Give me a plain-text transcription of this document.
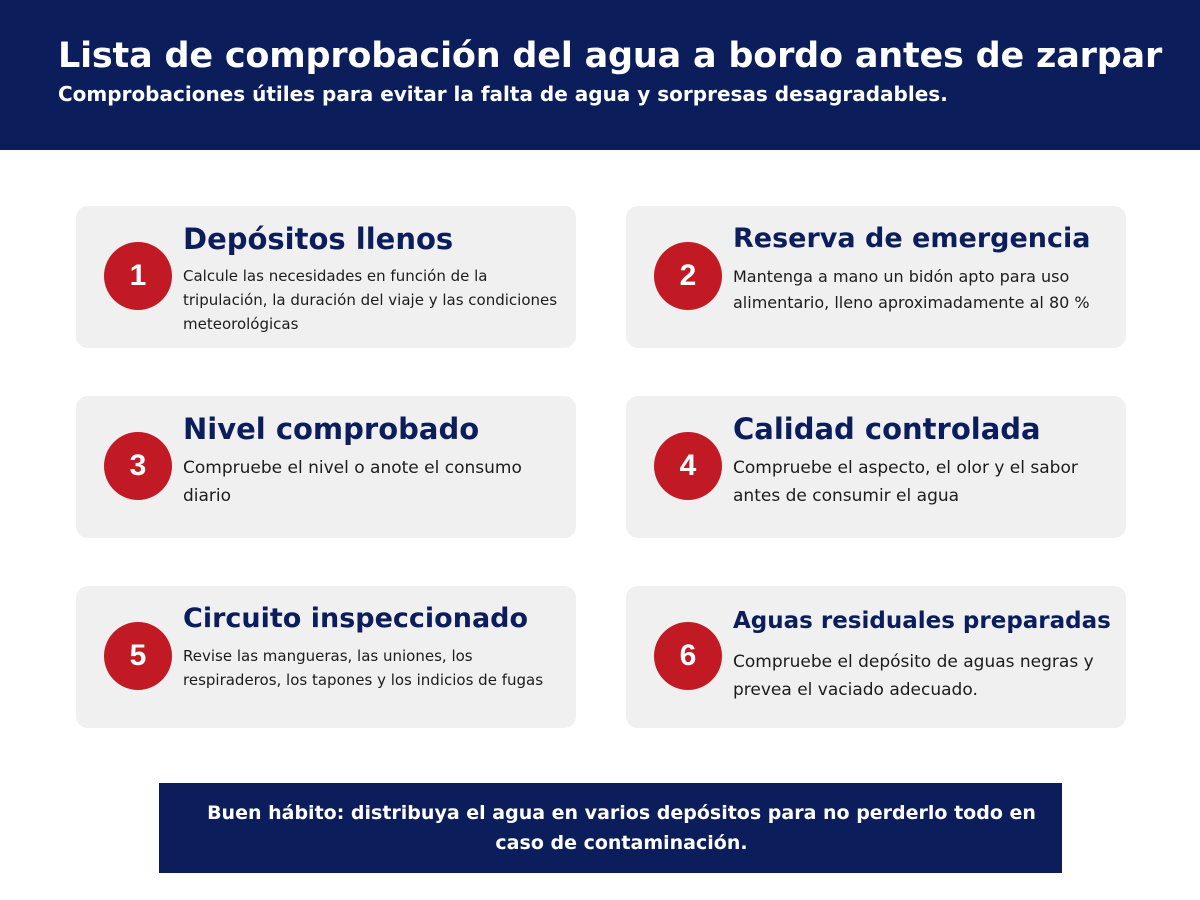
Lista de comprobación del agua a bordo antes de zarpar

Comprobaciones útiles para evitar la falta de agua y sorpresas desagradables.

1
Depósitos llenos

Calcule las necesidades en función de la tripulación, la duración del viaje y las condiciones meteorológicas

2
Reserva de emergencia

Mantenga a mano un bidón apto para uso alimentario, lleno aproximadamente al 80 %

3
Nivel comprobado

Compruebe el nivel o anote el consumo diario

4
Calidad controlada

Compruebe el aspecto, el olor y el sabor antes de consumir el agua

5
Circuito inspeccionado

Revise las mangueras, las uniones, los respiraderos, los tapones y los indicios de fugas

6
Aguas residuales preparadas

Compruebe el depósito de aguas negras y prevea el vaciado adecuado.

Buen hábito: distribuya el agua en varios depósitos para no perderlo todo en caso de contaminación.
